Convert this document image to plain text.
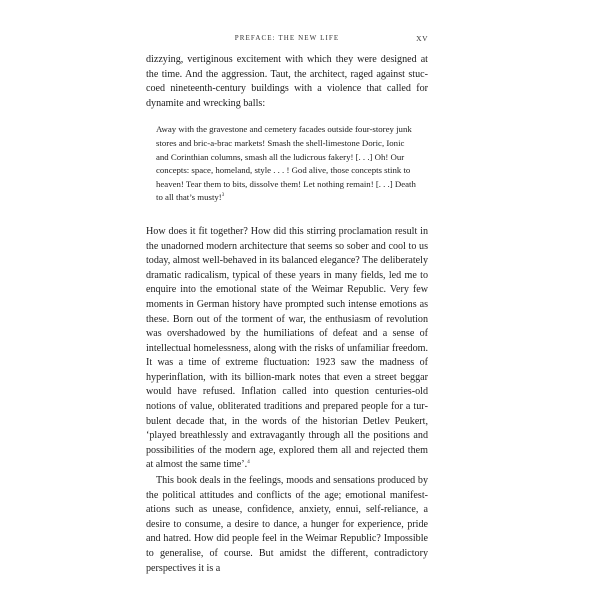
PREFACE: THE NEW LIFE	XV

dizzying, vertiginous excitement with which they were designed at the time. And the aggression. Taut, the architect, raged against stuccoed nineteenth-century buildings with a violence that called for dynamite and wrecking balls:

Away with the gravestone and cemetery facades outside four-storey junk stores and bric-a-brac markets! Smash the shell-limestone Doric, Ionic and Corinthian columns, smash all the ludicrous fakery! [. . .] Oh! Our concepts: space, homeland, style . . . ! God alive, those concepts stink to heaven! Tear them to bits, dissolve them! Let nothing remain! [. . .] Death to all that’s musty!$^3$

How does it fit together? How did this stirring proclamation result in the unadorned modern architecture that seems so sober and cool to us today, almost well-behaved in its balanced elegance? The deliberately dramatic radicalism, typical of these years in many fields, led me to enquire into the emotional state of the Weimar Republic. Very few moments in German history have prompted such intense emotions as these. Born out of the torment of war, the enthusiasm of revolution was overshadowed by the humiliations of defeat and a sense of intellectual homelessness, along with the risks of unfamiliar freedom. It was a time of extreme fluctuation: 1923 saw the madness of hyperinflation, with its billion-mark notes that even a street beggar would have refused. Inflation called into question centuries-old notions of value, obliterated traditions and prepared people for a turbulent decade that, in the words of the historian Detlev Peukert, ‘played breathlessly and extravagantly through all the positions and possibilities of the modern age, explored them all and rejected them at almost the same time’.$^4$

This book deals in the feelings, moods and sensations produced by the political attitudes and conflicts of the age; emotional manifestations such as unease, confidence, anxiety, ennui, self-reliance, a desire to consume, a desire to dance, a hunger for experience, pride and hatred. How did people feel in the Weimar Republic? Impossible to generalise, of course. But amidst the different, contradictory perspectives it is a
